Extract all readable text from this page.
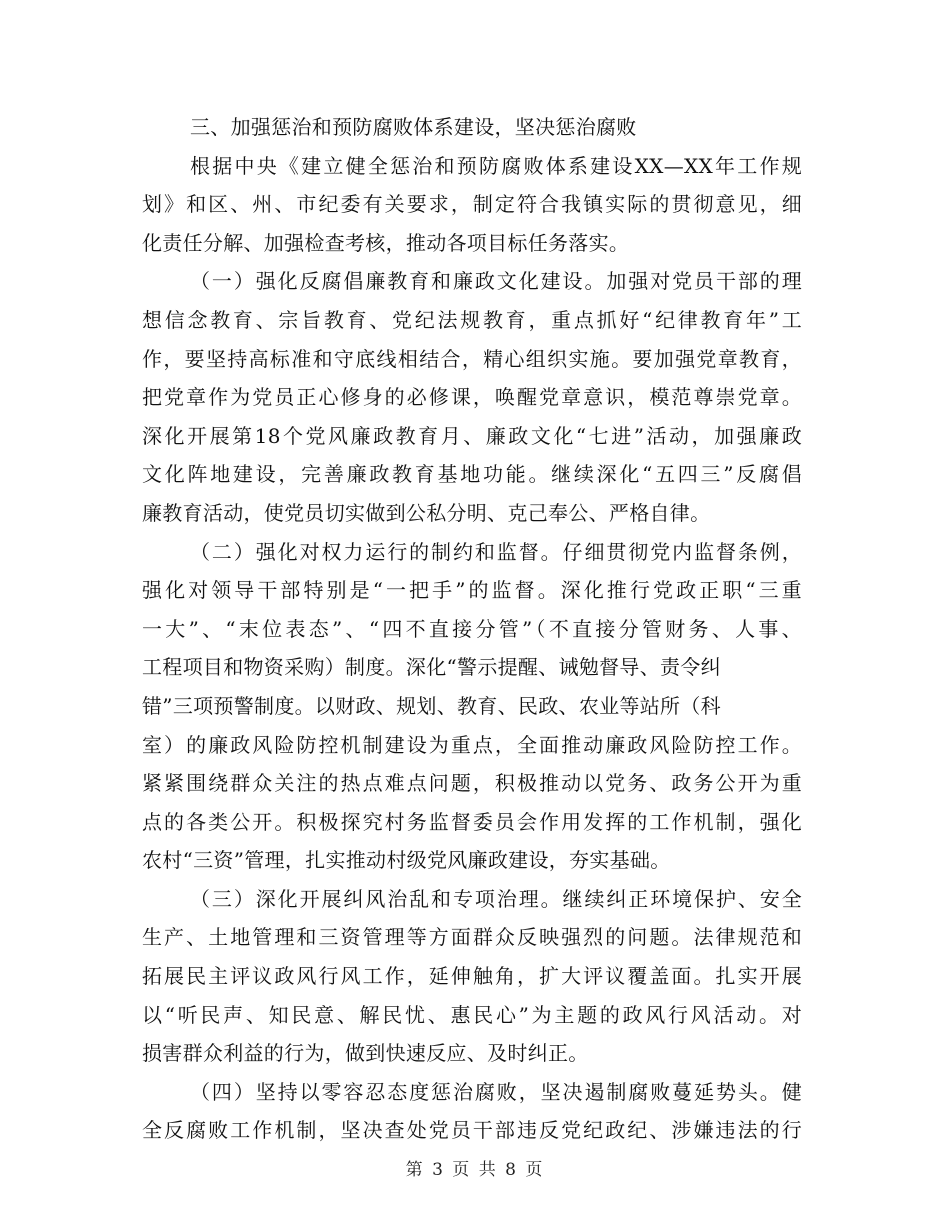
三、加强惩治和预防腐败体系建设，坚决惩治腐败
根据中央《建立健全惩治和预防腐败体系建设XX—XX年工作规
划》和区、州、市纪委有关要求，制定符合我镇实际的贯彻意见，细
化责任分解、加强检查考核，推动各项目标任务落实。
（一）强化反腐倡廉教育和廉政文化建设。加强对党员干部的理
想信念教育、宗旨教育、党纪法规教育，重点抓好“纪律教育年”工
作，要坚持高标准和守底线相结合，精心组织实施。要加强党章教育，
把党章作为党员正心修身的必修课，唤醒党章意识，模范尊崇党章。
深化开展第18个党风廉政教育月、廉政文化“七进”活动，加强廉政
文化阵地建设，完善廉政教育基地功能。继续深化“五四三”反腐倡
廉教育活动，使党员切实做到公私分明、克己奉公、严格自律。
（二）强化对权力运行的制约和监督。仔细贯彻党内监督条例，
强化对领导干部特别是“一把手”的监督。深化推行党政正职“三重
一大”、“末位表态”、“四不直接分管”（不直接分管财务、人事、
工程项目和物资采购）制度。深化“警示提醒、诫勉督导、责令纠
错”三项预警制度。以财政、规划、教育、民政、农业等站所（科
室）的廉政风险防控机制建设为重点，全面推动廉政风险防控工作。
紧紧围绕群众关注的热点难点问题，积极推动以党务、政务公开为重
点的各类公开。积极探究村务监督委员会作用发挥的工作机制，强化
农村“三资”管理，扎实推动村级党风廉政建设，夯实基础。
（三）深化开展纠风治乱和专项治理。继续纠正环境保护、安全
生产、土地管理和三资管理等方面群众反映强烈的问题。法律规范和
拓展民主评议政风行风工作，延伸触角，扩大评议覆盖面。扎实开展
以“听民声、知民意、解民忧、惠民心”为主题的政风行风活动。对
损害群众利益的行为，做到快速反应、及时纠正。
（四）坚持以零容忍态度惩治腐败，坚决遏制腐败蔓延势头。健
全反腐败工作机制，坚决查处党员干部违反党纪政纪、涉嫌违法的行
第 3 页 共 8 页
